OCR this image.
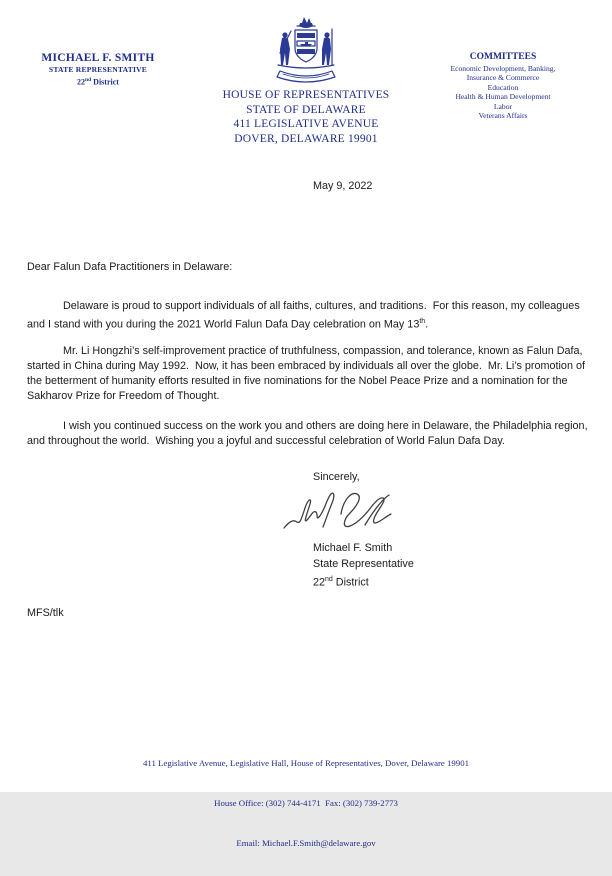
MICHAEL F. SMITH
STATE REPRESENTATIVE
22nd District
HOUSE OF REPRESENTATIVES
STATE OF DELAWARE
411 LEGISLATIVE AVENUE
DOVER, DELAWARE 19901
COMMITTEES
Economic Development, Banking,
Insurance & Commerce
Education
Health & Human Development
Labor
Veterans Affairs
May 9, 2022
Dear Falun Dafa Practitioners in Delaware:
Delaware is proud to support individuals of all faiths, cultures, and traditions.  For this reason, my colleagues and I stand with you during the 2021 World Falun Dafa Day celebration on May 13th.
Mr. Li Hongzhi’s self-improvement practice of truthfulness, compassion, and tolerance, known as Falun Dafa, started in China during May 1992.  Now, it has been embraced by individuals all over the globe.  Mr. Li’s promotion of the betterment of humanity efforts resulted in five nominations for the Nobel Peace Prize and a nomination for the Sakharov Prize for Freedom of Thought.
I wish you continued success on the work you and others are doing here in Delaware, the Philadelphia region, and throughout the world.  Wishing you a joyful and successful celebration of World Falun Dafa Day.
Sincerely,
Michael F. Smith
State Representative
22nd District
MFS/tlk

411 Legislative Avenue, Legislative Hall, House of Representatives, Dover, Delaware 19901

House Office: (302) 744-4171  Fax: (302) 739-2773

Email: Michael.F.Smith@delaware.gov
